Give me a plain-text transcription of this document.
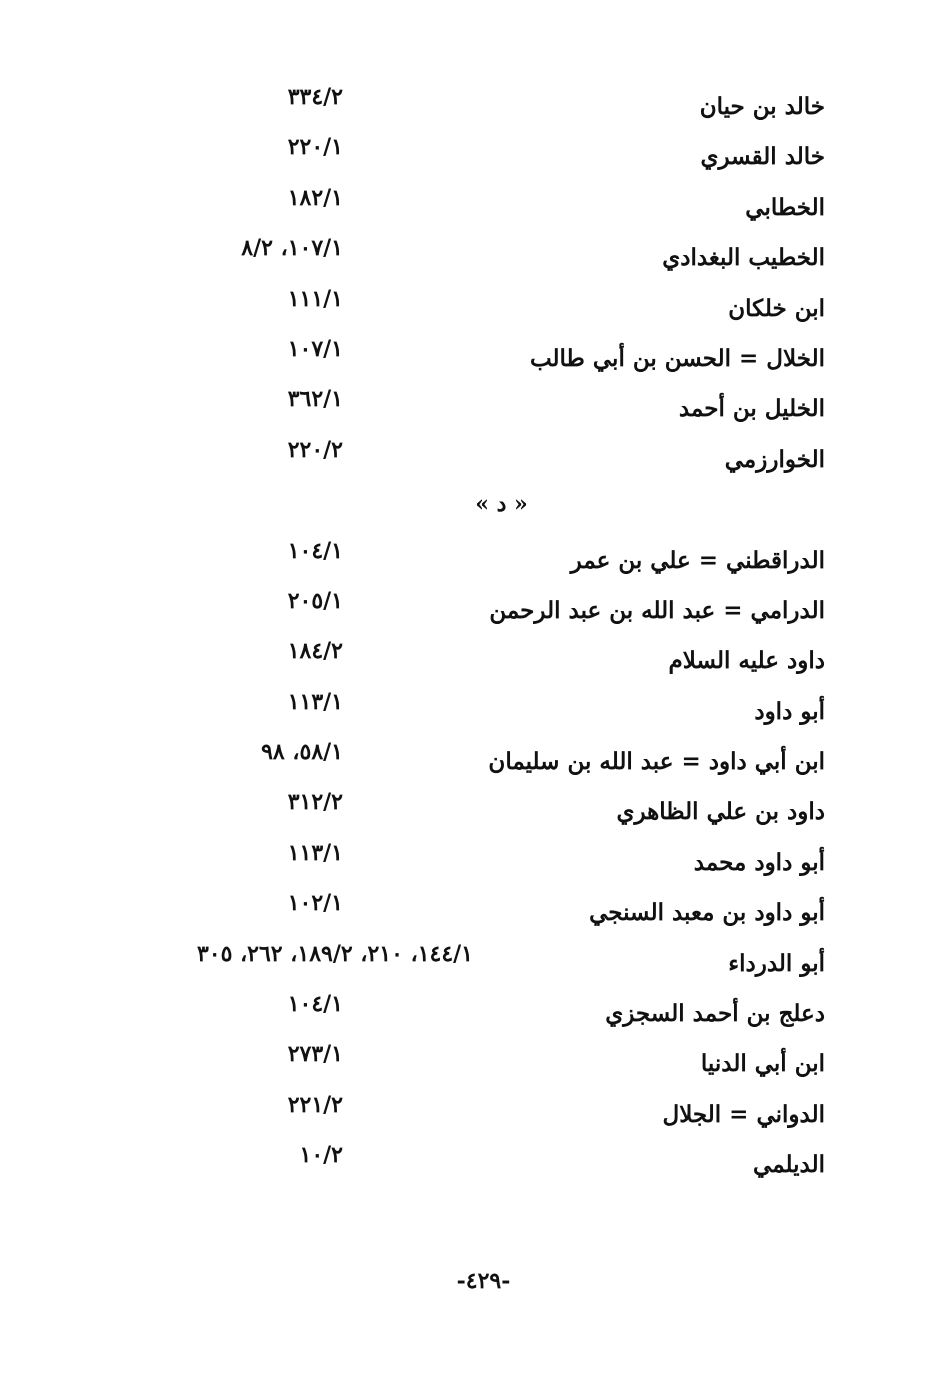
خالد بن حيان
٣٣٤/٢
خالد القسري
٢٢٠/١
الخطابي
١٨٢/١
الخطيب البغدادي
١٠٧/١، ٨/٢
ابن خلكان
١١١/١
الخلال = الحسن بن أبي طالب
١٠٧/١
الخليل بن أحمد
٣٦٢/١
الخوارزمي
٢٢٠/٢
« د »
الدراقطني = علي بن عمر
١٠٤/١
الدرامي = عبد الله بن عبد الرحمن
٢٠٥/١
داود عليه السلام
١٨٤/٢
أبو داود
١١٣/١
ابن أبي داود = عبد الله بن سليمان
٥٨/١، ٩٨
داود بن علي الظاهري
٣١٢/٢
أبو داود محمد
١١٣/١
أبو داود بن معبد السنجي
١٠٢/١
أبو الدرداء
١٤٤/١، ٢١٠، ١٨٩/٢، ٢٦٢، ٣٠٥
دعلج بن أحمد السجزي
١٠٤/١
ابن أبي الدنيا
٢٧٣/١
الدواني = الجلال
٢٢١/٢
الديلمي
١٠/٢
-٤٢٩-
